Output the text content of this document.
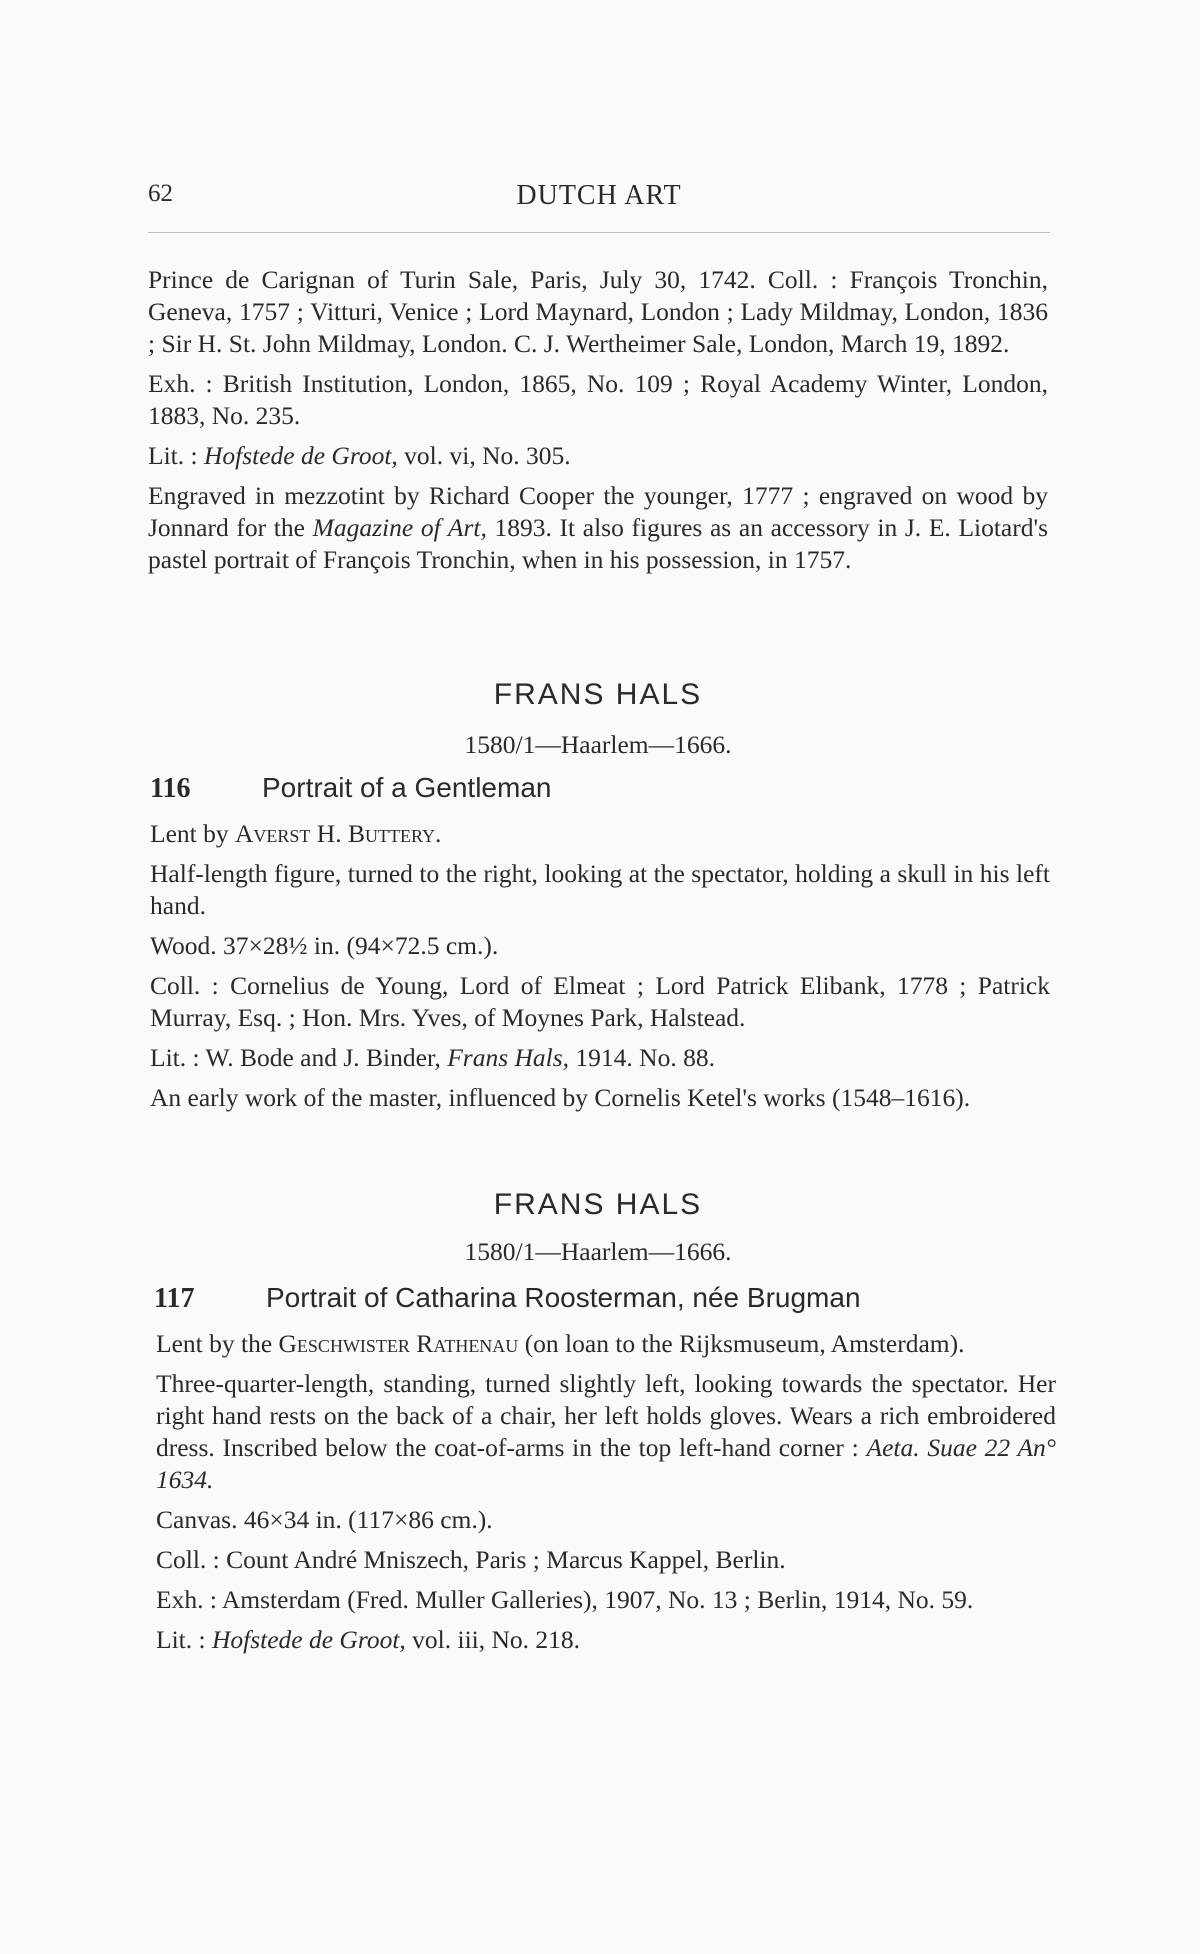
62	DUTCH ART

Prince de Carignan of Turin Sale, Paris, July 30, 1742. Coll. : François Tronchin, Geneva, 1757 ; Vitturi, Venice ; Lord Maynard, London ; Lady Mildmay, London, 1836 ; Sir H. St. John Mildmay, London. C. J. Wertheimer Sale, London, March 19, 1892.

Exh. : British Institution, London, 1865, No. 109 ; Royal Academy Winter, London, 1883, No. 235.

Lit. : Hofstede de Groot, vol. vi, No. 305.

Engraved in mezzotint by Richard Cooper the younger, 1777 ; engraved on wood by Jonnard for the Magazine of Art, 1893. It also figures as an accessory in J. E. Liotard's pastel portrait of François Tronchin, when in his possession, in 1757.

FRANS HALS
1580/1—Haarlem—1666.
116	Portrait of a Gentleman

Lent by Averst H. Buttery.

Half-length figure, turned to the right, looking at the spectator, holding a skull in his left hand.

Wood. 37×28½ in. (94×72.5 cm.).

Coll. : Cornelius de Young, Lord of Elmeat ; Lord Patrick Elibank, 1778 ; Patrick Murray, Esq. ; Hon. Mrs. Yves, of Moynes Park, Halstead.

Lit. : W. Bode and J. Binder, Frans Hals, 1914. No. 88.

An early work of the master, influenced by Cornelis Ketel's works (1548–1616).

FRANS HALS
1580/1—Haarlem—1666.
117	Portrait of Catharina Roosterman, née Brugman

Lent by the Geschwister Rathenau (on loan to the Rijksmuseum, Amsterdam).

Three-quarter-length, standing, turned slightly left, looking towards the spectator. Her right hand rests on the back of a chair, her left holds gloves. Wears a rich embroidered dress. Inscribed below the coat-of-arms in the top left-hand corner : Aeta. Suae 22 An° 1634.

Canvas. 46×34 in. (117×86 cm.).

Coll. : Count André Mniszech, Paris ; Marcus Kappel, Berlin.

Exh. : Amsterdam (Fred. Muller Galleries), 1907, No. 13 ; Berlin, 1914, No. 59.

Lit. : Hofstede de Groot, vol. iii, No. 218.
